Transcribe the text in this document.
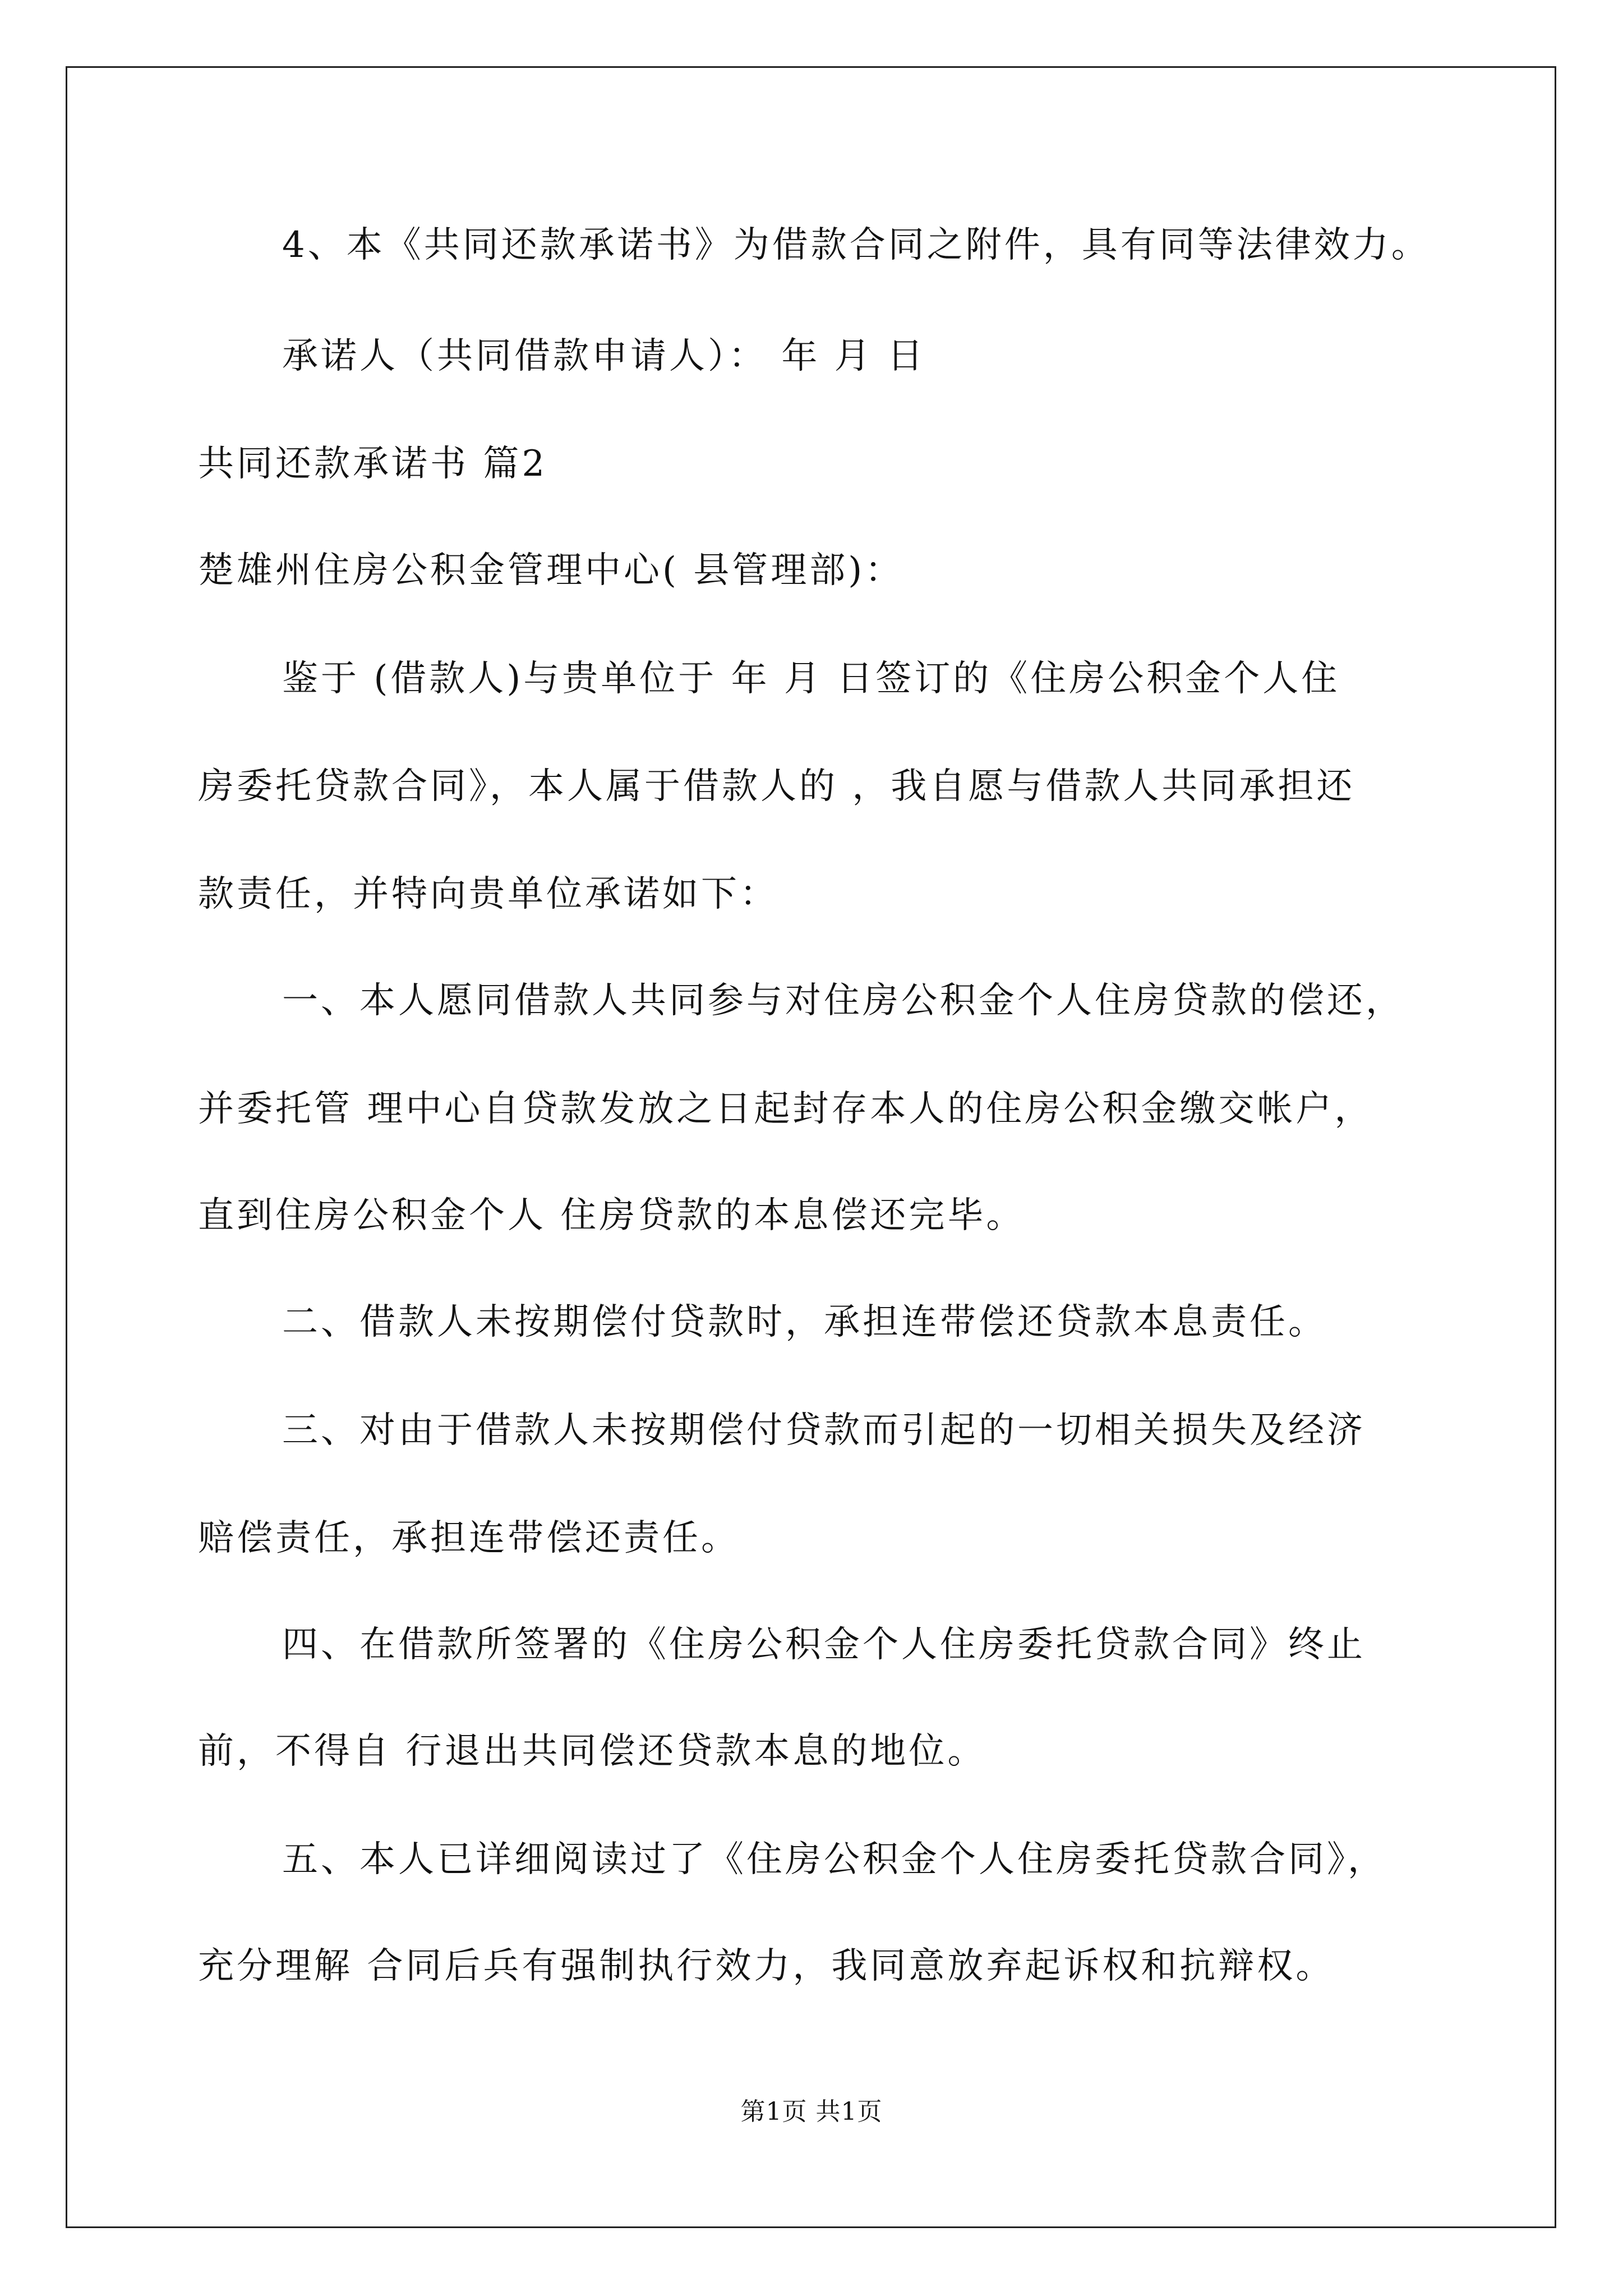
4、本《共同还款承诺书》为借款合同之附件，具有同等法律效力。
承诺人（共同借款申请人）： 年 月 日
共同还款承诺书 篇2
楚雄州住房公积金管理中心( 县管理部)：
鉴于 (借款人)与贵单位于 年 月 日签订的《住房公积金个人住
房委托贷款合同》，本人属于借款人的 ，我自愿与借款人共同承担还
款责任，并特向贵单位承诺如下：
一、本人愿同借款人共同参与对住房公积金个人住房贷款的偿还，
并委托管 理中心自贷款发放之日起封存本人的住房公积金缴交帐户，
直到住房公积金个人 住房贷款的本息偿还完毕。
二、借款人未按期偿付贷款时，承担连带偿还贷款本息责任。
三、对由于借款人未按期偿付贷款而引起的一切相关损失及经济
赔偿责任，承担连带偿还责任。
四、在借款所签署的《住房公积金个人住房委托贷款合同》终止
前，不得自 行退出共同偿还贷款本息的地位。
五、本人已详细阅读过了《住房公积金个人住房委托贷款合同》，
充分理解 合同后兵有强制执行效力，我同意放弃起诉权和抗辩权。
第1页 共1页
